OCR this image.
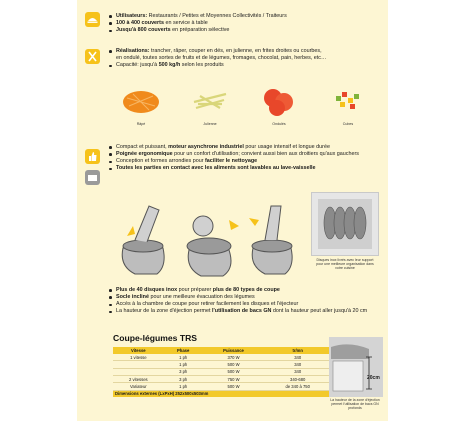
Utilisateurs: Restaurants / Petites et Moyennes Collectivités / Traiteurs
100 à 400 couverts en service à table
Jusqu'à 800 couverts en préparation sélective
Réalisations: trancher, râper, couper en dés, en julienne, en frites droites ou courbes,
en ondulé, toutes sortes de fruits et de légumes, fromages, chocolat, pain, herbes, etc…
Capacité: jusqu'à 500 kg/h selon les produits
Râpé	Julienne	Ondulés	Cubes
Compact et puissant, moteur asynchrone industriel pour usage intensif et longue durée
Poignée ergonomique pour un confort d'utilisation; convient aussi bien aux droitiers qu'aux gauchers
Conception et formes arrondies pour faciliter le nettoyage
Toutes les parties en contact avec les aliments sont lavables au lave-vaisselle
Disques inox livrés avec leur support pour une meilleure organisation dans votre cuisine
Plus de 40 disques inox pour préparer plus de 80 types de coupe
Socle incliné pour une meilleure évacuation des légumes
Accès à la chambre de coupe pour retirer facilement les disques et l'éjecteur
La hauteur de la zone d'éjection permet l'utilisation de bacs GN dont la hauteur peut aller jusqu'à 20 cm
Coupe-légumes TRS
Vitesse	Phase	Puissance	tr/mn
1 vitesse	1 ph	370 W	340
	1 ph	500 W	340
	3 ph	500 W	340
2 vitesses	3 ph	750 W	340-680
Variateur	1 ph	500 W	de 340 à 750
Dimensions externes (LxPxH) 252x500x503mm			
20cm
La hauteur de la zone d'éjection permet l'utilisation de bacs GN profonds
